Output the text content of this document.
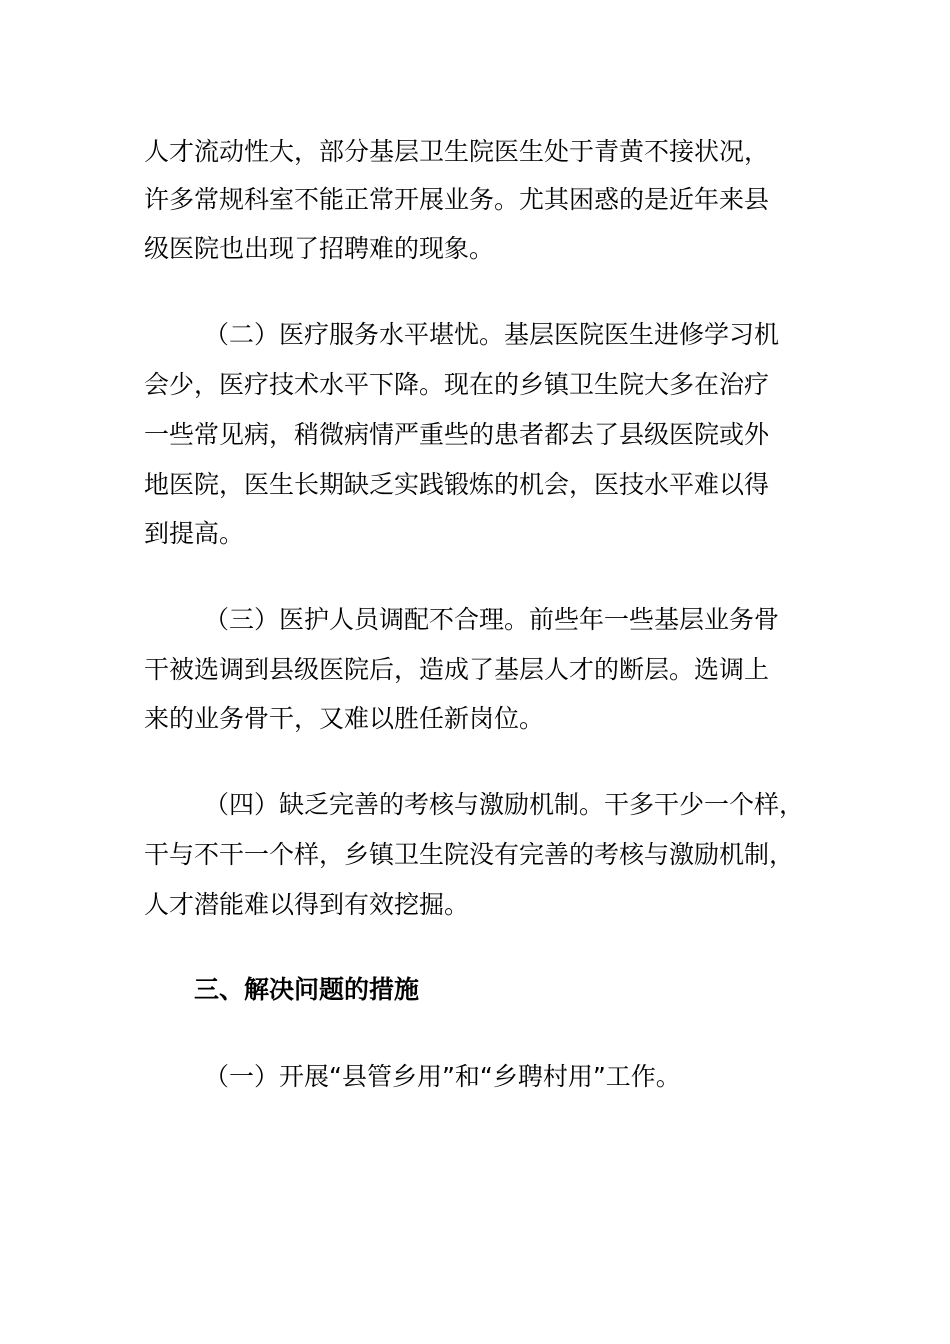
人才流动性大，部分基层卫生院医生处于青黄不接状况，
许多常规科室不能正常开展业务。尤其困惑的是近年来县
级医院也出现了招聘难的现象。
（二）医疗服务水平堪忧。基层医院医生进修学习机
会少，医疗技术水平下降。现在的乡镇卫生院大多在治疗
一些常见病，稍微病情严重些的患者都去了县级医院或外
地医院，医生长期缺乏实践锻炼的机会，医技水平难以得
到提高。
（三）医护人员调配不合理。前些年一些基层业务骨
干被选调到县级医院后，造成了基层人才的断层。选调上
来的业务骨干，又难以胜任新岗位。
（四）缺乏完善的考核与激励机制。干多干少一个样，
干与不干一个样，乡镇卫生院没有完善的考核与激励机制，
人才潜能难以得到有效挖掘。
三、解决问题的措施
（一）开展“县管乡用”和“乡聘村用”工作。
